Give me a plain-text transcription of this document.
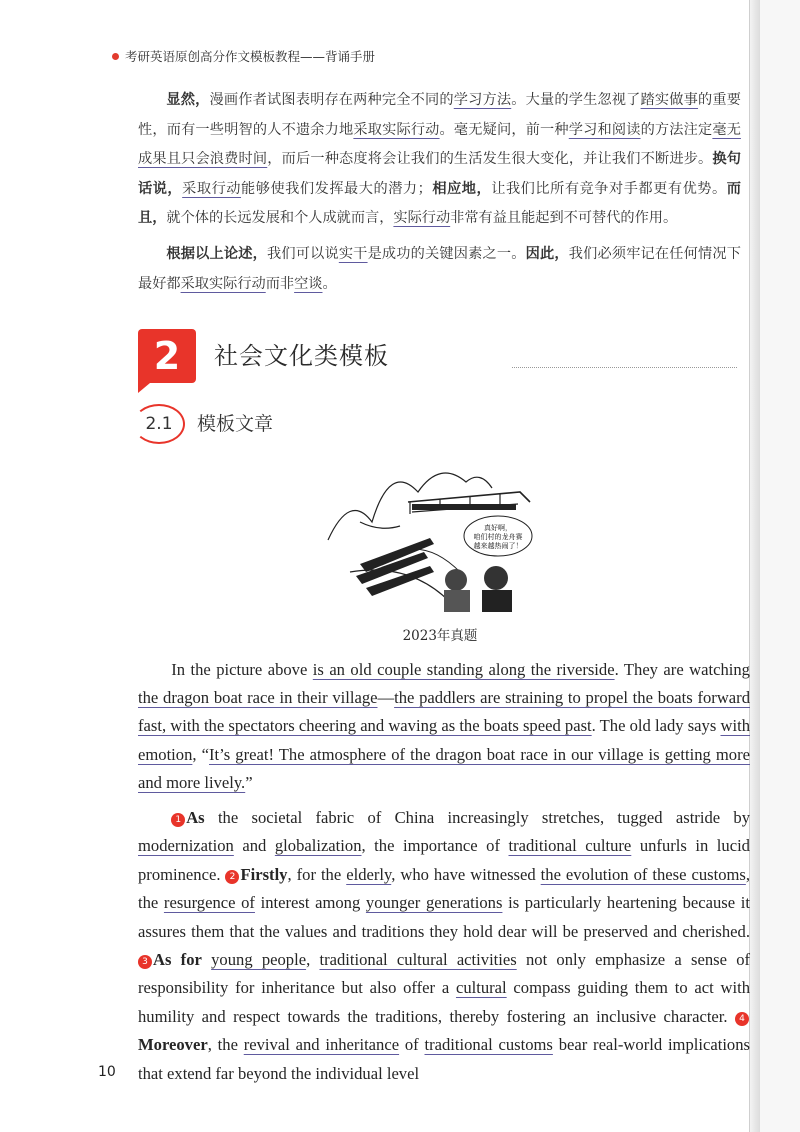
考研英语原创高分作文模板教程——背诵手册

显然，漫画作者试图表明存在两种完全不同的学习方法。大量的学生忽视了踏实做事的重要性，而有一些明智的人不遗余力地采取实际行动。毫无疑问，前一种学习和阅读的方法注定毫无成果且只会浪费时间，而后一种态度将会让我们的生活发生很大变化，并让我们不断进步。换句话说，采取行动能够使我们发挥最大的潜力；相应地，让我们比所有竞争对手都更有优势。而且，就个体的长远发展和个人成就而言，实际行动非常有益且能起到不可替代的作用。

根据以上论述，我们可以说实干是成功的关键因素之一。因此，我们必须牢记在任何情况下最好都采取实际行动而非空谈。

2 社会文化类模板
2.1 模板文章
真好啊，
咱们村的龙舟赛
越来越热闹了！
2023年真题

In the picture above is an old couple standing along the riverside. They are watching the dragon boat race in their village—the paddlers are straining to propel the boats forward fast, with the spectators cheering and waving as the boats speed past. The old lady says with emotion, “It’s great! The atmosphere of the dragon boat race in our village is getting more and more lively.”

1 As the societal fabric of China increasingly stretches, tugged astride by modernization and globalization, the importance of traditional culture unfurls in lucid prominence. 2 Firstly, for the elderly, who have witnessed the evolution of these customs, the resurgence of interest among younger generations is particularly heartening because it assures them that the values and traditions they hold dear will be preserved and cherished. 3 As for young people, traditional cultural activities not only emphasize a sense of responsibility for inheritance but also offer a cultural compass guiding them to act with humility and respect towards the traditions, thereby fostering an inclusive character. 4Moreover, the revival and inheritance of traditional customs bear real-world implications that extend far beyond the individual level

10
